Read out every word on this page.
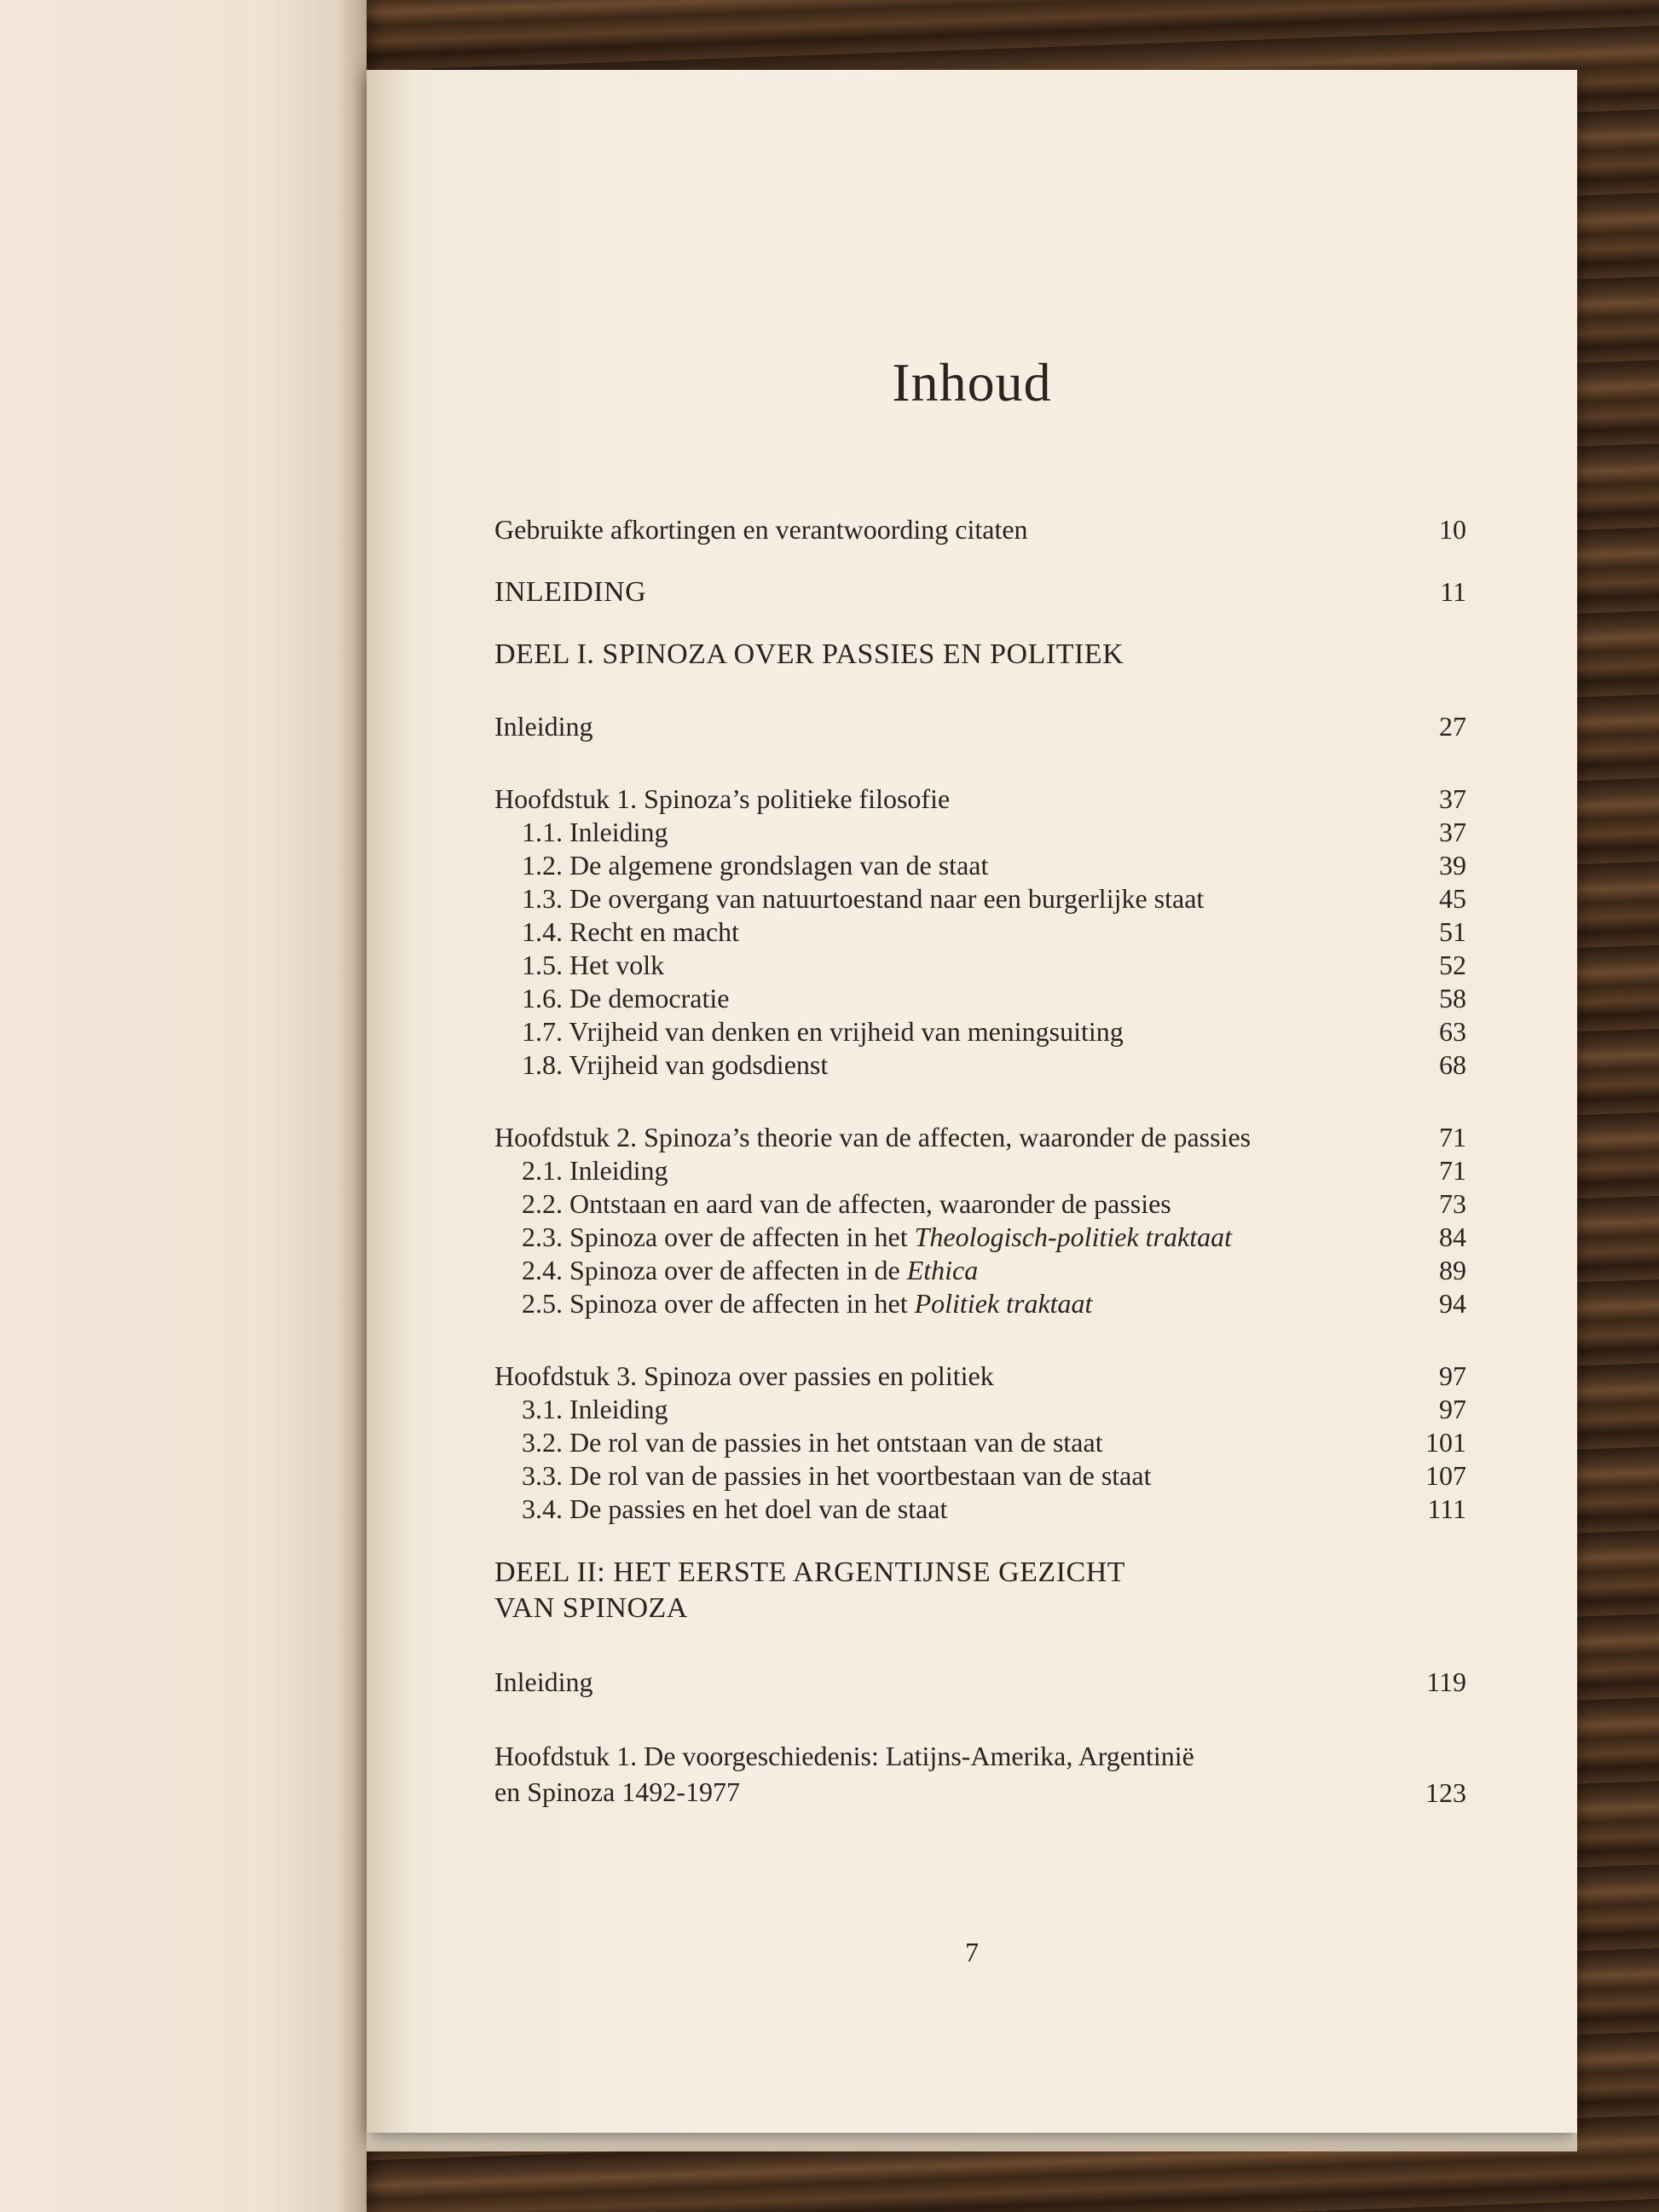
Inhoud
Gebruikte afkortingen en verantwoording citaten	10
INLEIDING	11
DEEL I. SPINOZA OVER PASSIES EN POLITIEK
Inleiding	27
Hoofdstuk 1. Spinoza’s politieke filosofie	37
1.1. Inleiding	37
1.2. De algemene grondslagen van de staat	39
1.3. De overgang van natuurtoestand naar een burgerlijke staat	45
1.4. Recht en macht	51
1.5. Het volk	52
1.6. De democratie	58
1.7. Vrijheid van denken en vrijheid van meningsuiting	63
1.8. Vrijheid van godsdienst	68
Hoofdstuk 2. Spinoza’s theorie van de affecten, waaronder de passies	71
2.1. Inleiding	71
2.2. Ontstaan en aard van de affecten, waaronder de passies	73
2.3. Spinoza over de affecten in het Theologisch-politiek traktaat	84
2.4. Spinoza over de affecten in de Ethica	89
2.5. Spinoza over de affecten in het Politiek traktaat	94
Hoofdstuk 3. Spinoza over passies en politiek	97
3.1. Inleiding	97
3.2. De rol van de passies in het ontstaan van de staat	101
3.3. De rol van de passies in het voortbestaan van de staat	107
3.4. De passies en het doel van de staat	111
DEEL II: HET EERSTE ARGENTIJNSE GEZICHT
VAN SPINOZA
Inleiding	119
Hoofdstuk 1. De voorgeschiedenis: Latijns-Amerika, Argentinië
en Spinoza 1492-1977	123
7
